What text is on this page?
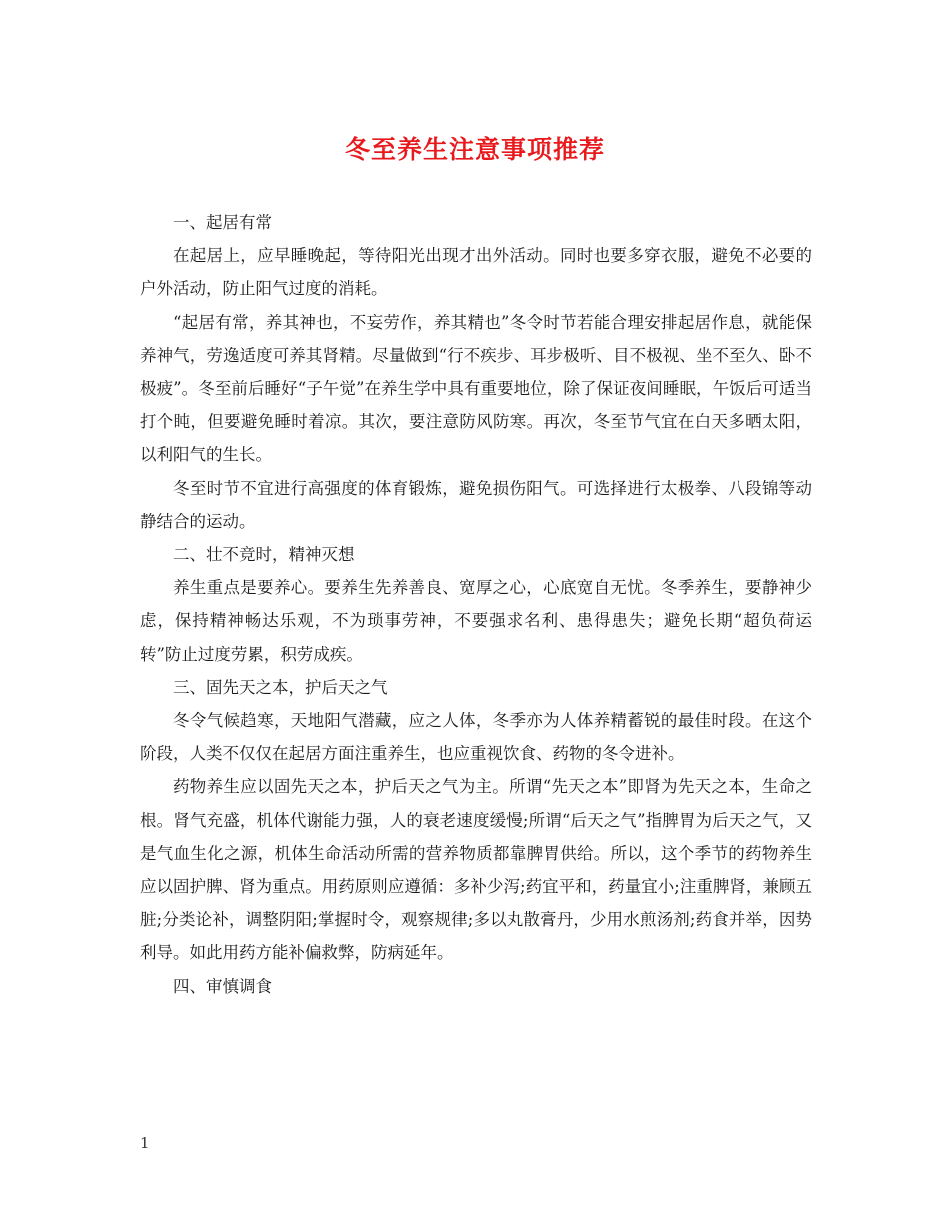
冬至养生注意事项推荐

一、起居有常

在起居上，应早睡晚起，等待阳光出现才出外活动。同时也要多穿衣服，避免不必要的户外活动，防止阳气过度的消耗。

“起居有常，养其神也，不妄劳作，养其精也”冬令时节若能合理安排起居作息，就能保养神气，劳逸适度可养其肾精。尽量做到“行不疾步、耳步极听、目不极视、坐不至久、卧不极疲”。冬至前后睡好“子午觉”在养生学中具有重要地位，除了保证夜间睡眠，午饭后可适当打个盹，但要避免睡时着凉。其次，要注意防风防寒。再次，冬至节气宜在白天多晒太阳，以利阳气的生长。

冬至时节不宜进行高强度的体育锻炼，避免损伤阳气。可选择进行太极拳、八段锦等动静结合的运动。

二、壮不竞时，精神灭想

养生重点是要养心。要养生先养善良、宽厚之心，心底宽自无忧。冬季养生，要静神少虑，保持精神畅达乐观，不为琐事劳神，不要强求名利、患得患失；避免长期“超负荷运转”防止过度劳累，积劳成疾。

三、固先天之本，护后天之气

冬令气候趋寒，天地阳气潜藏，应之人体，冬季亦为人体养精蓄锐的最佳时段。在这个阶段，人类不仅仅在起居方面注重养生，也应重视饮食、药物的冬令进补。

药物养生应以固先天之本，护后天之气为主。所谓“先天之本”即肾为先天之本，生命之根。肾气充盛，机体代谢能力强，人的衰老速度缓慢;所谓“后天之气”指脾胃为后天之气，又是气血生化之源，机体生命活动所需的营养物质都靠脾胃供给。所以，这个季节的药物养生应以固护脾、肾为重点。用药原则应遵循：多补少泻;药宜平和，药量宜小;注重脾肾，兼顾五脏;分类论补，调整阴阳;掌握时令，观察规律;多以丸散膏丹，少用水煎汤剂;药食并举，因势利导。如此用药方能补偏救弊，防病延年。

四、审慎调食

1
